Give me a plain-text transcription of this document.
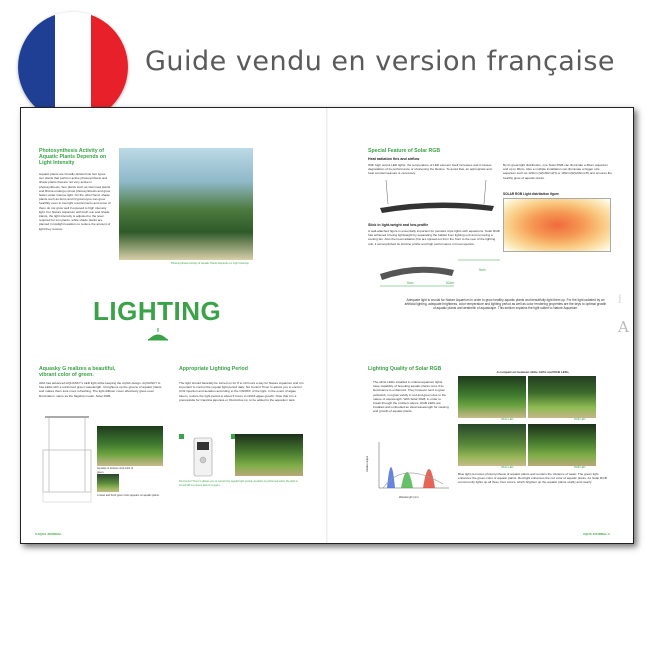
Guide vendu en version française
Photosynthesis Activity of Aquatic Plants Depends on Light Intensity
Aquatic plants are broadly divided into two types: sun plants that perform active photosynthesis and shade plants that are not very active in photosynthesis. Sun plants such as stemmed plants and Riccia undergo robust photosynthesis and grow faster under intense light. On the other hand, shade plants such as ferns and Cryptocoryne can grow healthily even in low light environments and some of them do not grow well if exposed to high intensity light. For Nature Aquarium with both sun and shade plants, the light intensity is adjusted to the level required for sun plants, while shade plants are planted in lowlight locations to reduce the amount of light they receive.
Photosynthesis Activity of Aquatic Plants Depends on Light Intensity
LIGHTING
Aquasky G realizes a beautiful, vibrant color of green.
ADA has advanced AQUASKY's LED light while keeping the stylish design. AQUASKY G has LEDs with a reinforced green wavelength. It brightens up the greens of aquatic plants and makes them look more refreshing. The light diffuser cover effectively gives even illumination, same as the flagship model, Solar RGB.
Aquasky G delivers vivid color of green.
A clean and fresh green color appears on aquatic plants.
Appropriate Lighting Period
The light should basically be turned on for 8 to 10 hours a day for Nature Aquarium and it is important to control the regular light period daily. NA Control Timer G allows you to control CO2 injection and aeration according to the ON/OFF of the light. In the event of algae bloom, reduce the light period to about 6 hours to inhibit algae growth. Note that it is a prerequisite for Carolina japonica or Otocinclus sp. to be added to the aquarium tank.
NA Control Timer G allows you to control the regular light period. Aeration is performed when the light is turned off to prevent lack of oxygen.
3 AQUA JOURNAL
Special Feature of Solar RGB
Heat radiation fins and airflow
With high output LED lights, the temperature of LED element itself increases and it causes degradation of its performance or shortening the lifetime. To avoid that, an appropriate anti-heat countermeasure is necessary.
By its great light distribution, one Solar RGB can illuminate a 60cm aquarium and up to 90cm. Also a multiple installation can illuminate a bigger size aquarium such as 120cm (W)x60cm(H) or 180cm(W)x60cm(H) and ensures the healthy grow of aquatic plants.
SOLAR RGB Light distribution figure
Slick in light-weight and low-profile
A wall-attached figure is essentially important for pendant style lights with aquariums. Solar RGB has achieved it being lightweight by separating the ballast from lighting unit and removing a cooling fan. Also the heat radiation fins are spread out from the front to the rear of the lighting unit, it accomplished its slimline profile and high performance in heat rejection.
5cm	62cm
9cm
Adequate light is crucial for Nature Aquarium in order to grow healthy aquatic plants and beautifully light them up. For the light radiated by an artificial lighting, adequate brightness, color temperature and lighting period as well as color rendering properties are the keys to optimal growth of aquatic plants and aesthetic of aquascape. This section explains the light suited to Nature Aquarium.
A
Lighting
Lighting Quality of Solar RGB
The white LEDs installed in ordinal aquarium lights have capability of breeding aquatic plants once if its illuminance is enhanced. They however tend to glow yellowish, not glow vividly in red and green due to the nature of wavelength. With Solar RGB, in order to break through the problem above, RGB LEDs are installed and embodied an ideal wavelength for viewing and growth of aquatic plants.
A comparison between white LEDs and RGB LEDs.
White LED	RGB LED
White LED	RGB LED
Relative output
Wavelength (nm)
Blue light promotes photosynthesis of aquatic plants and renders the vibrance of water. The green light enhances the green color of aquatic plants. Red light enhances the red color of aquatic plants. As Solar RGB concurrently lights up all three from colors, which brighten up the aquatic plants vividly and clearly.
AQUA JOURNAL 4
